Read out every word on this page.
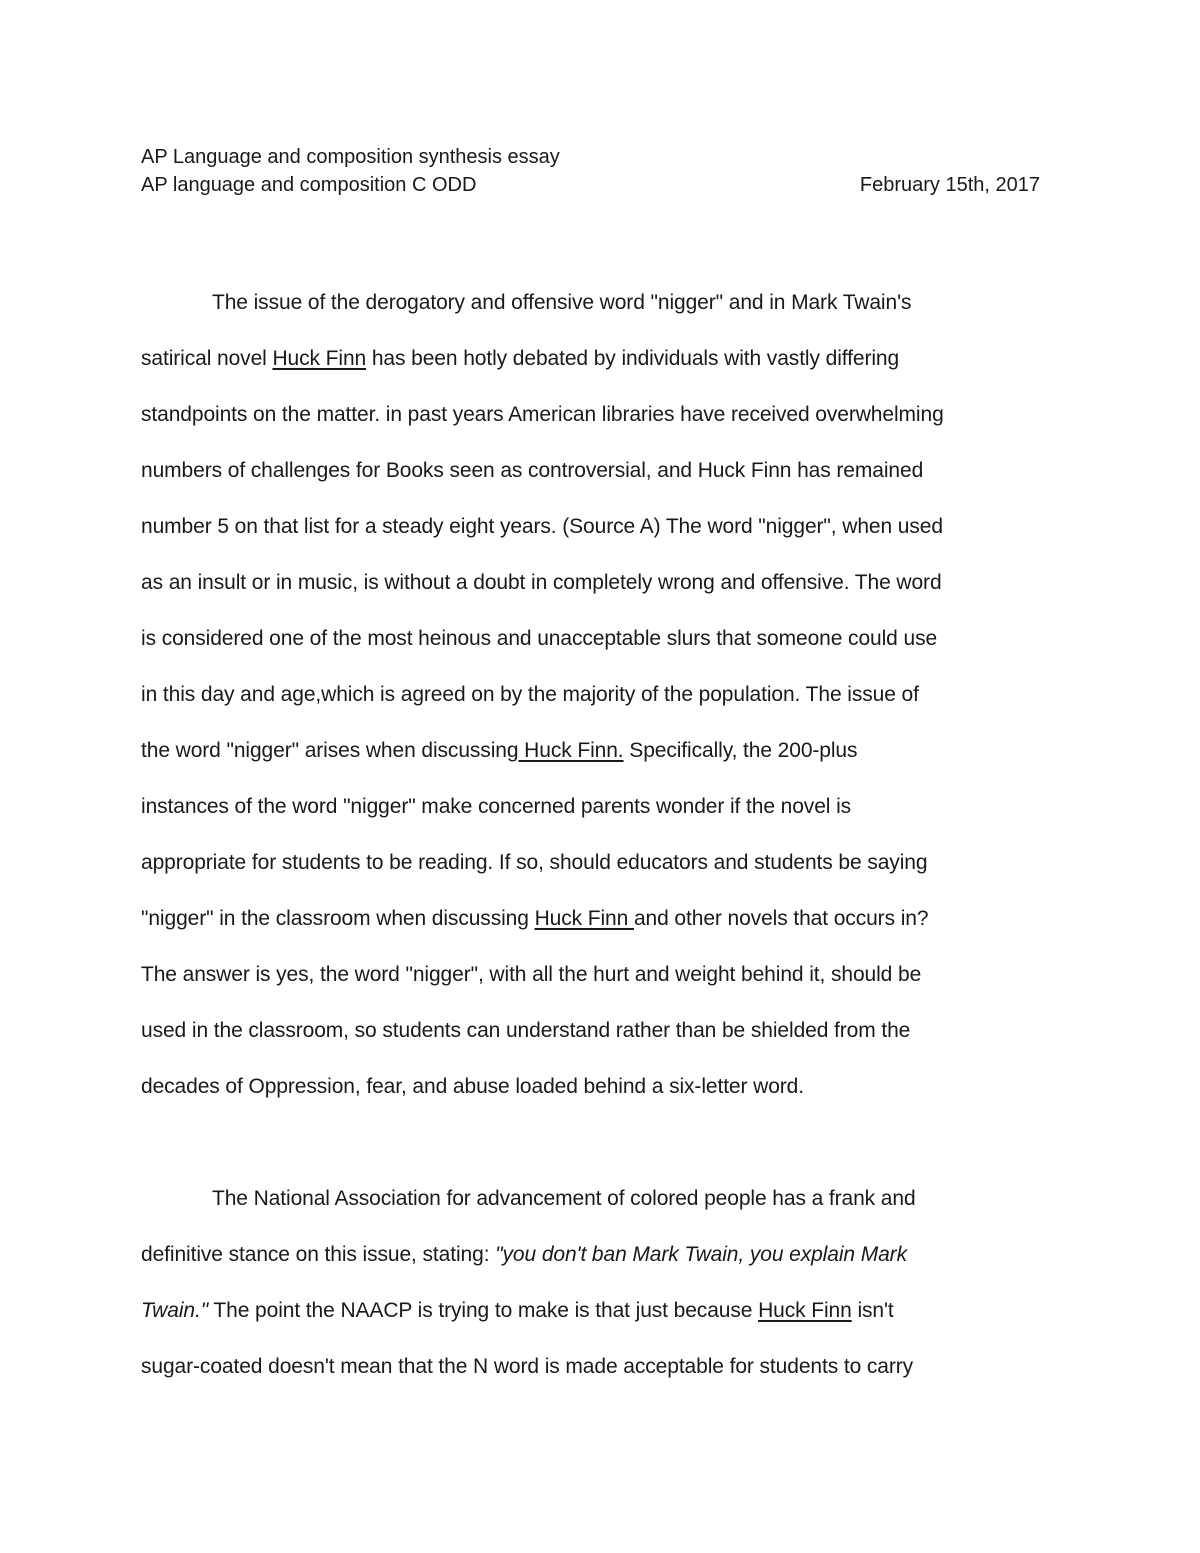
AP Language and composition synthesis essay
AP language and composition C ODD	February 15th, 2017
The issue of the derogatory and offensive word "nigger" and in Mark Twain's
satirical novel Huck Finn has been hotly debated by individuals with vastly differing
standpoints on the matter. in past years American libraries have received overwhelming
numbers of challenges for Books seen as controversial, and Huck Finn has remained
number 5 on that list for a steady eight years. (Source A) The word "nigger", when used
as an insult or in music, is without a doubt in completely wrong and offensive. The word
is considered one of the most heinous and unacceptable slurs that someone could use
in this day and age,which is agreed on by the majority of the population. The issue of
the word "nigger" arises when discussing Huck Finn. Specifically, the 200-plus
instances of the word "nigger" make concerned parents wonder if the novel is
appropriate for students to be reading. If so, should educators and students be saying
"nigger" in the classroom when discussing Huck Finn and other novels that occurs in?
The answer is yes, the word "nigger", with all the hurt and weight behind it, should be
used in the classroom, so students can understand rather than be shielded from the
decades of Oppression, fear, and abuse loaded behind a six-letter word.
The National Association for advancement of colored people has a frank and
definitive stance on this issue, stating: "you don't ban Mark Twain, you explain Mark
Twain." The point the NAACP is trying to make is that just because Huck Finn isn't
sugar-coated doesn't mean that the N word is made acceptable for students to carry
